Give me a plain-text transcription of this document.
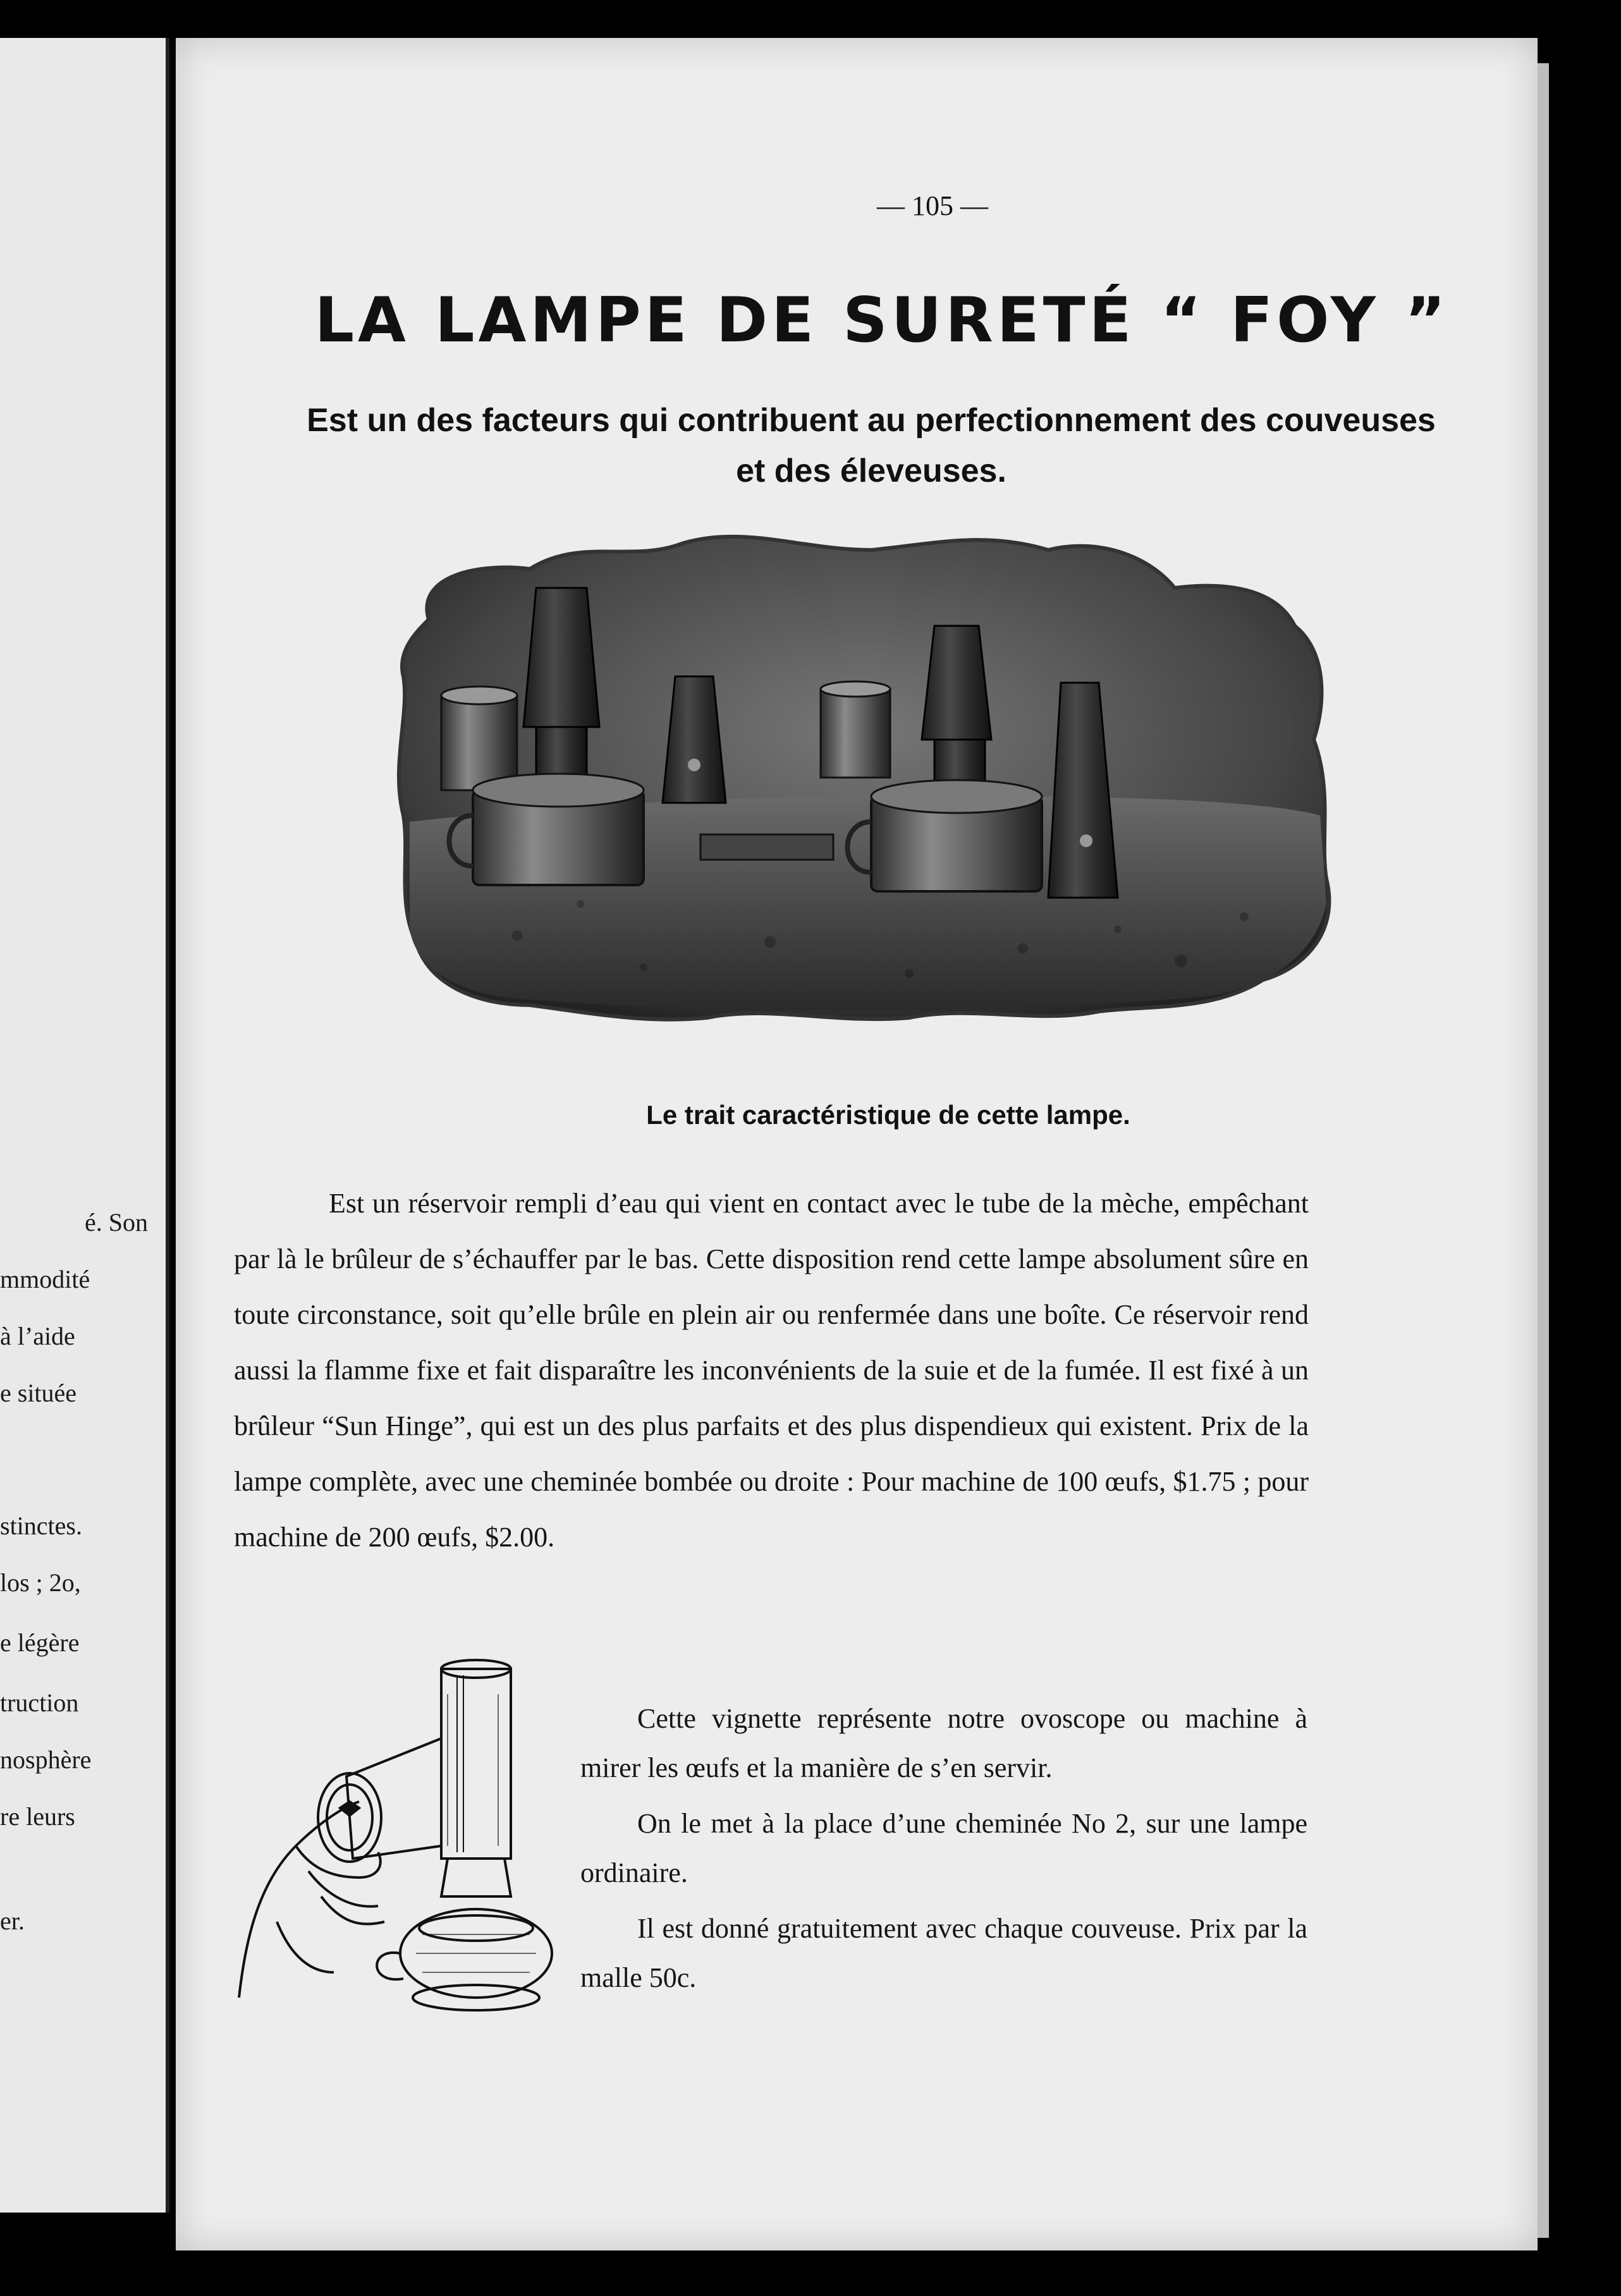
é. Son
mmodité
à l’aide
e située
stinctes.
los ; 2o,
e légère
truction
nosphère
re leurs
er.
— 105 —
LA LAMPE DE SURETÉ “ FOY ”
Est un des facteurs qui contribuent au perfectionnement des couveuses et des éleveuses.
Le trait caractéristique de cette lampe.

Est un réservoir rempli d’eau qui vient en contact avec le tube de la mèche, empêchant par là le brûleur de s’échauffer par le bas. Cette disposition rend cette lampe absolument sûre en toute circonstance, soit qu’elle brûle en plein air ou renfermée dans une boîte. Ce réservoir rend aussi la flamme fixe et fait disparaître les inconvénients de la suie et de la fumée. Il est fixé à un brûleur “Sun Hinge”, qui est un des plus parfaits et des plus dispendieux qui existent. Prix de la lampe complète, avec une cheminée bombée ou droite : Pour machine de 100 œufs, $1.75 ; pour machine de 200 œufs, $2.00.

Cette vignette représente notre ovoscope ou machine à mirer les œufs et la manière de s’en servir.

On le met à la place d’une cheminée No 2, sur une lampe ordinaire.

Il est donné gratuitement avec chaque couveuse. Prix par la malle 50c.
